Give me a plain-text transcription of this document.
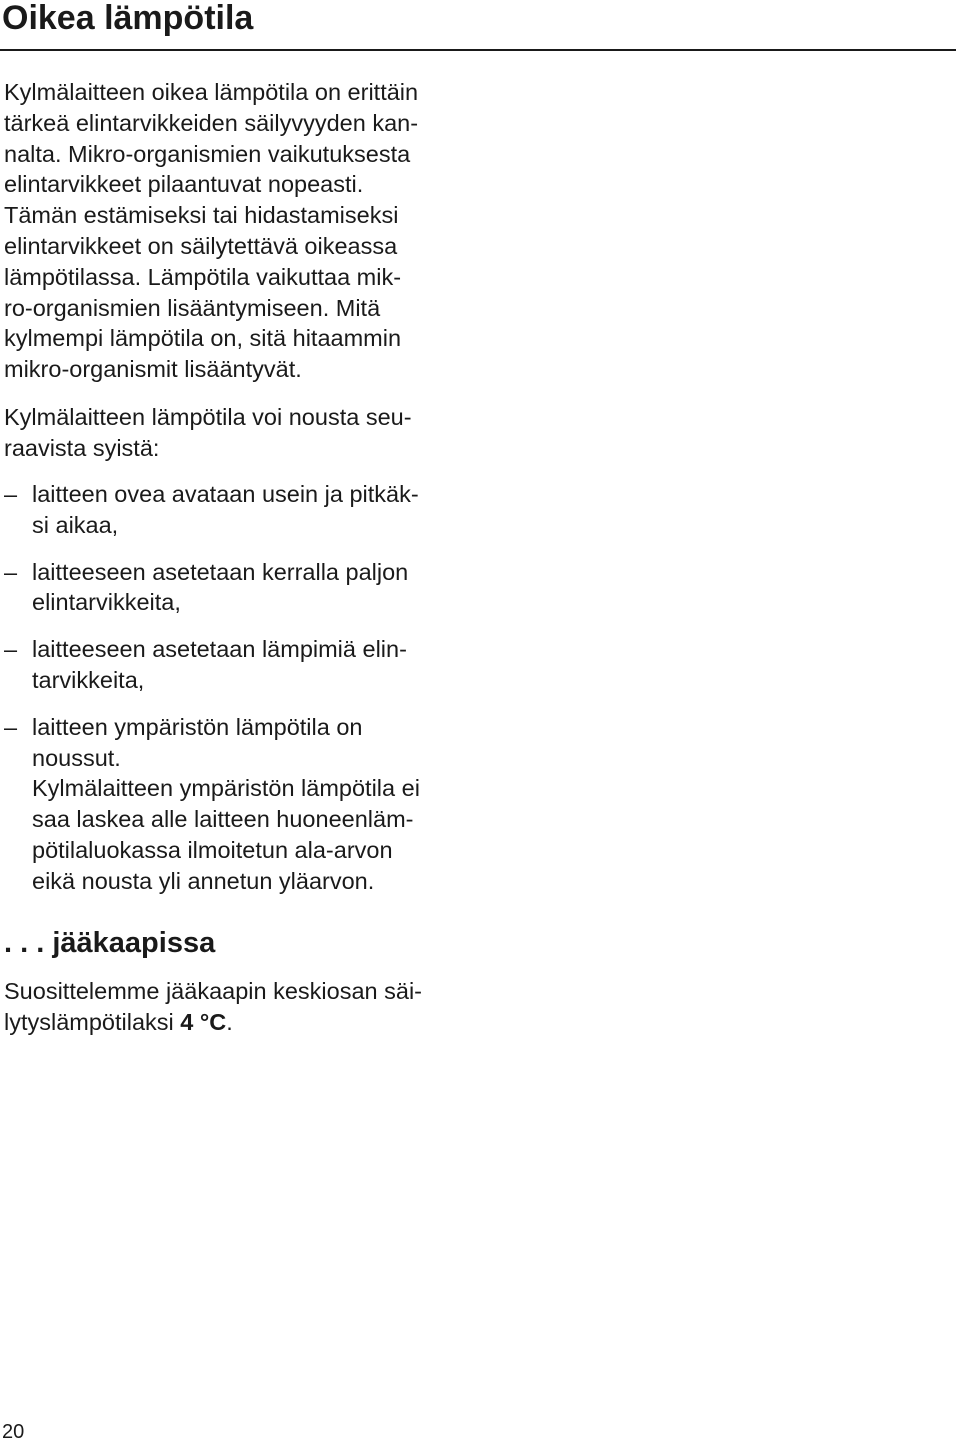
Oikea lämpötila

Kylmälaitteen oikea lämpötila on erittäin
tärkeä elintarvikkeiden säilyvyyden kan-
nalta. Mikro-organismien vaikutuksesta
elintarvikkeet pilaantuvat nopeasti.
Tämän estämiseksi tai hidastamiseksi
elintarvikkeet on säilytettävä oikeassa
lämpötilassa. Lämpötila vaikuttaa mik-
ro-organismien lisääntymiseen. Mitä
kylmempi lämpötila on, sitä hitaammin
mikro-organismit lisääntyvät.

Kylmälaitteen lämpötila voi nousta seu-
raavista syistä:

– laitteen ovea avataan usein ja pitkäk-
si aikaa,
– laitteeseen asetetaan kerralla paljon
elintarvikkeita,
– laitteeseen asetetaan lämpimiä elin-
tarvikkeita,
– laitteen ympäristön lämpötila on
noussut.
Kylmälaitteen ympäristön lämpötila ei
saa laskea alle laitteen huoneenläm-
pötilaluokassa ilmoitetun ala-arvon
eikä nousta yli annetun yläarvon.
. . . jääkaapissa

Suosittelemme jääkaapin keskiosan säi-
lytyslämpötilaksi 4 °C.

20
